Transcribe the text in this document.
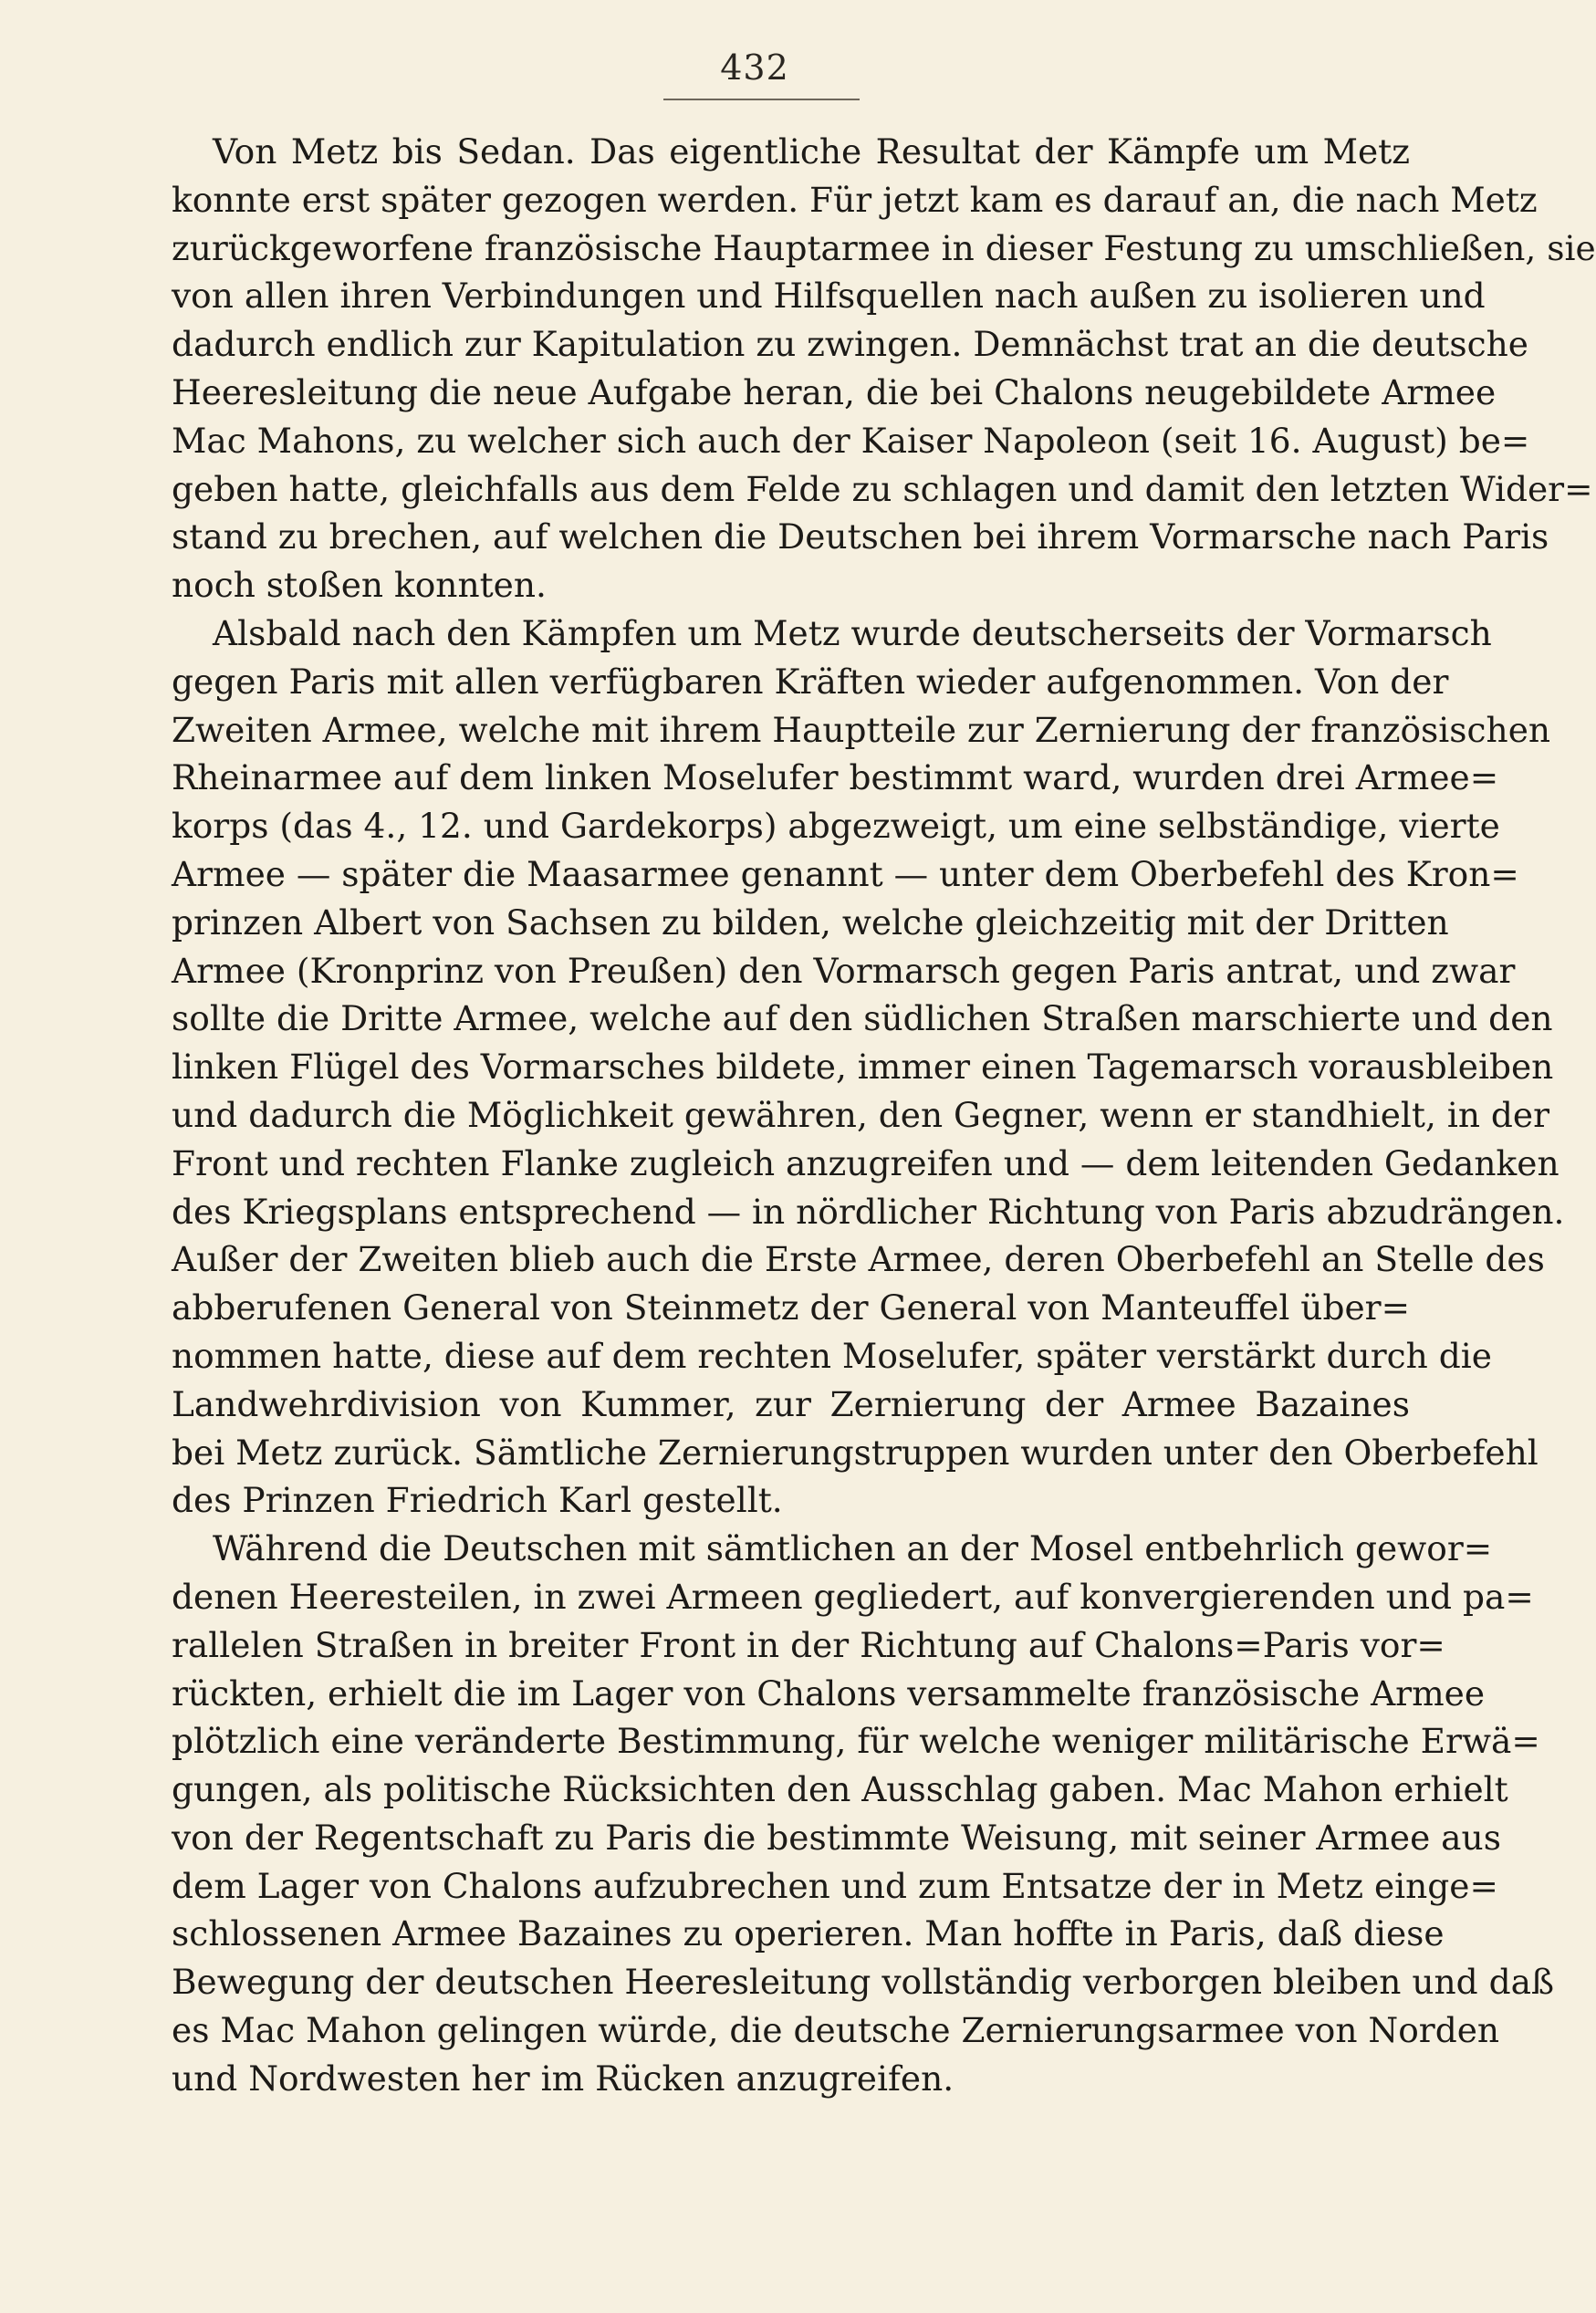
432
Von Metz bis Sedan. Das eigentliche Resultat der Kämpfe um Metz
konnte erst später gezogen werden. Für jetzt kam es darauf an, die nach Metz
zurückgeworfene französische Hauptarmee in dieser Festung zu umschließen, sie
von allen ihren Verbindungen und Hilfsquellen nach außen zu isolieren und
dadurch endlich zur Kapitulation zu zwingen. Demnächst trat an die deutsche
Heeresleitung die neue Aufgabe heran, die bei Chalons neugebildete Armee
Mac Mahons, zu welcher sich auch der Kaiser Napoleon (seit 16. August) be=
geben hatte, gleichfalls aus dem Felde zu schlagen und damit den letzten Wider=
stand zu brechen, auf welchen die Deutschen bei ihrem Vormarsche nach Paris
noch stoßen konnten.
Alsbald nach den Kämpfen um Metz wurde deutscherseits der Vormarsch
gegen Paris mit allen verfügbaren Kräften wieder aufgenommen. Von der
Zweiten Armee, welche mit ihrem Hauptteile zur Zernierung der französischen
Rheinarmee auf dem linken Moselufer bestimmt ward, wurden drei Armee=
korps (das 4., 12. und Gardekorps) abgezweigt, um eine selbständige, vierte
Armee — später die Maasarmee genannt — unter dem Oberbefehl des Kron=
prinzen Albert von Sachsen zu bilden, welche gleichzeitig mit der Dritten
Armee (Kronprinz von Preußen) den Vormarsch gegen Paris antrat, und zwar
sollte die Dritte Armee, welche auf den südlichen Straßen marschierte und den
linken Flügel des Vormarsches bildete, immer einen Tagemarsch vorausbleiben
und dadurch die Möglichkeit gewähren, den Gegner, wenn er standhielt, in der
Front und rechten Flanke zugleich anzugreifen und — dem leitenden Gedanken
des Kriegsplans entsprechend — in nördlicher Richtung von Paris abzudrängen.
Außer der Zweiten blieb auch die Erste Armee, deren Oberbefehl an Stelle des
abberufenen General von Steinmetz der General von Manteuffel über=
nommen hatte, diese auf dem rechten Moselufer, später verstärkt durch die
Landwehrdivision von Kummer, zur Zernierung der Armee Bazaines
bei Metz zurück. Sämtliche Zernierungstruppen wurden unter den Oberbefehl
des Prinzen Friedrich Karl gestellt.
Während die Deutschen mit sämtlichen an der Mosel entbehrlich gewor=
denen Heeresteilen, in zwei Armeen gegliedert, auf konvergierenden und pa=
rallelen Straßen in breiter Front in der Richtung auf Chalons=Paris vor=
rückten, erhielt die im Lager von Chalons versammelte französische Armee
plötzlich eine veränderte Bestimmung, für welche weniger militärische Erwä=
gungen, als politische Rücksichten den Ausschlag gaben. Mac Mahon erhielt
von der Regentschaft zu Paris die bestimmte Weisung, mit seiner Armee aus
dem Lager von Chalons aufzubrechen und zum Entsatze der in Metz einge=
schlossenen Armee Bazaines zu operieren. Man hoffte in Paris, daß diese
Bewegung der deutschen Heeresleitung vollständig verborgen bleiben und daß
es Mac Mahon gelingen würde, die deutsche Zernierungsarmee von Norden
und Nordwesten her im Rücken anzugreifen.
